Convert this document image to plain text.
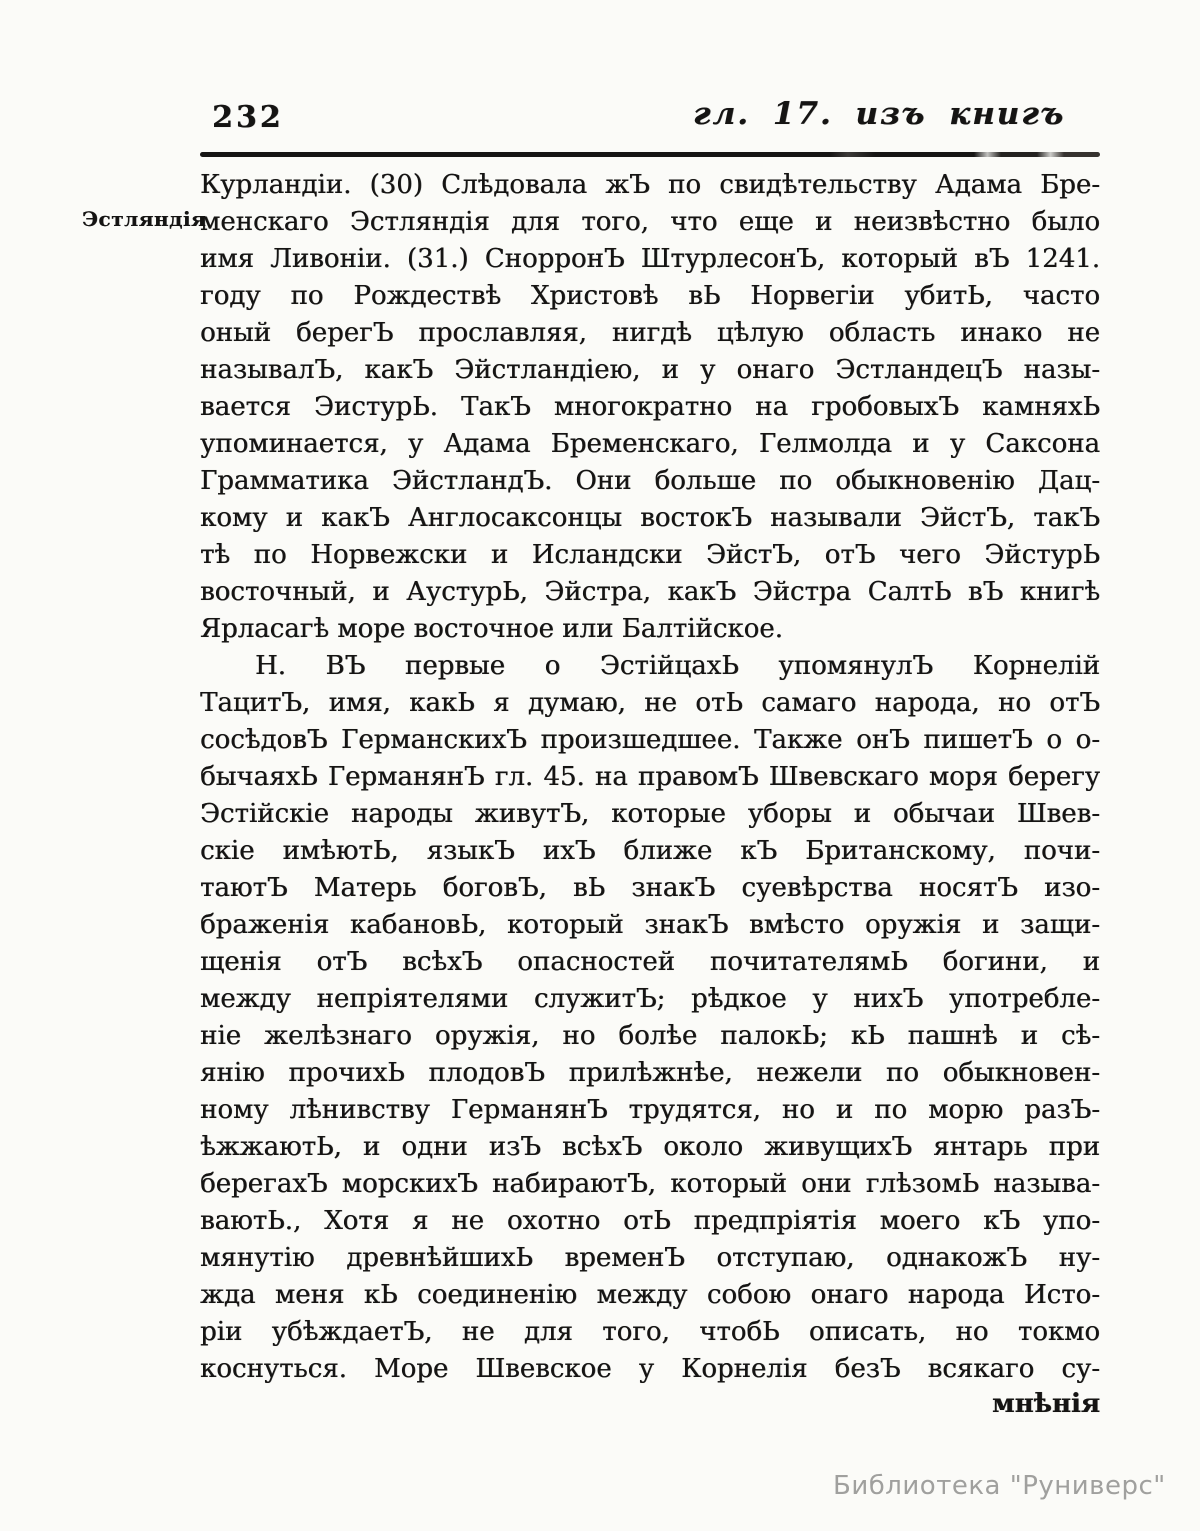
232	гл. 17. изъ книгъ
Эстляндія
Курландіи. (30) Слѣдовала жЪ по свидѣтельству Адама Бре-
менскаго Эстляндія для того, что еще и неизвѣстно было
имя Ливоніи. (31.) СнорронЪ ШтурлесонЪ, который вЪ 1241.
году по Рождествѣ Христовѣ вЬ Норвегіи убитЬ, часто
оный берегЪ прославляя, нигдѣ цѣлую область инако не
называлЪ, какЪ Эйстландіею, и у онаго ЭстландецЪ назы-
вается ЭистурЬ. ТакЪ многократно на гробовыхЪ камняхЬ
упоминается, у Адама Бременскаго, Гелмолда и у Саксона
Грамматика ЭйстландЪ. Они больше по обыкновенію Дац-
кому и какЪ Англосаксонцы востокЪ называли ЭйстЪ, такЪ
тѣ по Норвежски и Исландски ЭйстЪ, отЪ чего ЭйстурЬ
восточный, и АустурЬ, Эйстра, какЪ Эйстра СалтЬ вЪ книгѣ
Ярласагѣ море восточное или Балтійское.
Н. ВЪ первые о ЭстійцахЬ упомянулЪ Корнелій
ТацитЪ, имя, какЬ я думаю, не отЬ самаго народа, но отЪ
сосѣдовЪ ГерманскихЪ произшедшее. Также онЪ пишетЪ о о-
бычаяхЬ ГерманянЪ гл. 45. на правомЪ Швевскаго моря берегу
Эстійскіе народы живутЪ, которые уборы и обычаи Швев-
скіе имѣютЬ, языкЪ ихЪ ближе кЪ Британскому, почи-
таютЪ Матерь боговЪ, вЬ знакЪ суевѣрства носятЪ изо-
браженія кабановЬ, который знакЪ вмѣсто оружія и защи-
щенія отЪ всѣхЪ опасностей почитателямЬ богини, и
между непріятелями служитЪ; рѣдкое у нихЪ употребле-
ніе желѣзнаго оружія, но болѣе палокЬ; кЬ пашнѣ и сѣ-
янію прочихЬ плодовЪ прилѣжнѣе, нежели по обыкновен-
ному лѣнивству ГерманянЪ трудятся, но и по морю разЪ-
ѣжжаютЬ, и одни изЪ всѣхЪ около живущихЪ янтарь при
берегахЪ морскихЪ набираютЪ, который они глѣзомЬ называ-
ваютЬ., Хотя я не охотно отЬ предпріятія моего кЪ упо-
мянутію древнѣйшихЬ временЪ отступаю, однакожЪ ну-
жда меня кЬ соединенію между собою онаго народа Исто-
ріи убѣждаетЪ, не для того, чтобЬ описать, но токмо
коснуться. Море Швевское у Корнелія безЪ всякаго су-
мнѣнія
Библиотека "Руниверс"
